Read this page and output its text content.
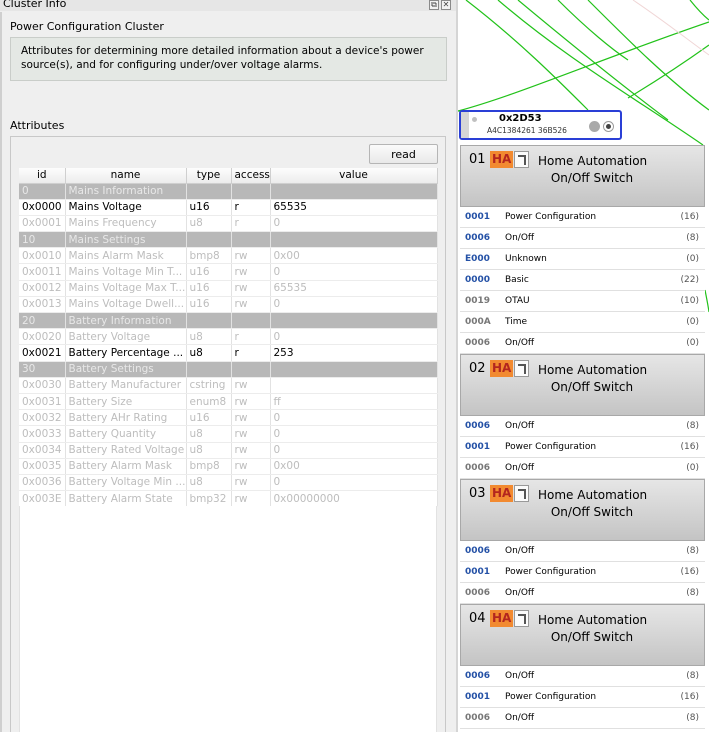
Cluster Info	⧉ ✕
Power Configuration Cluster
Attributes for determining more detailed information about a device's power source(s), and for configuring under/over voltage alarms.
Attributes
read
id	name	type	access	value
0	Mains Information			
0x0000	Mains Voltage	u16	r	65535
0x0001	Mains Frequency	u8	r	0
10	Mains Settings			
0x0010	Mains Alarm Mask	bmp8	rw	0x00
0x0011	Mains Voltage Min T...	u16	rw	0
0x0012	Mains Voltage Max T...	u16	rw	65535
0x0013	Mains Voltage Dwell...	u16	rw	0
20	Battery Information			
0x0020	Battery Voltage	u8	r	0
0x0021	Battery Percentage ...	u8	r	253
30	Battery Settings			
0x0030	Battery Manufacturer	cstring	rw	
0x0031	Battery Size	enum8	rw	ff
0x0032	Battery AHr Rating	u16	rw	0
0x0033	Battery Quantity	u8	rw	0
0x0034	Battery Rated Voltage	u8	rw	0
0x0035	Battery Alarm Mask	bmp8	rw	0x00
0x0036	Battery Voltage Min ...	u8	rw	0
0x003E	Battery Alarm State	bmp32	rw	0x00000000
0x2D53
A4C1384261 36B526
01 HA Home Automation
On/Off Switch
0001 Power Configuration	(16)
0006 On/Off	(8)
E000 Unknown	(0)
0000 Basic	(22)
0019 OTAU	(10)
000A Time	(0)
0006 On/Off	(0)
02 HA Home Automation
On/Off Switch
0006 On/Off	(8)
0001 Power Configuration	(16)
0006 On/Off	(0)
03 HA Home Automation
On/Off Switch
0006 On/Off	(8)
0001 Power Configuration	(16)
0006 On/Off	(8)
04 HA Home Automation
On/Off Switch
0006 On/Off	(8)
0001 Power Configuration	(16)
0006 On/Off	(8)
